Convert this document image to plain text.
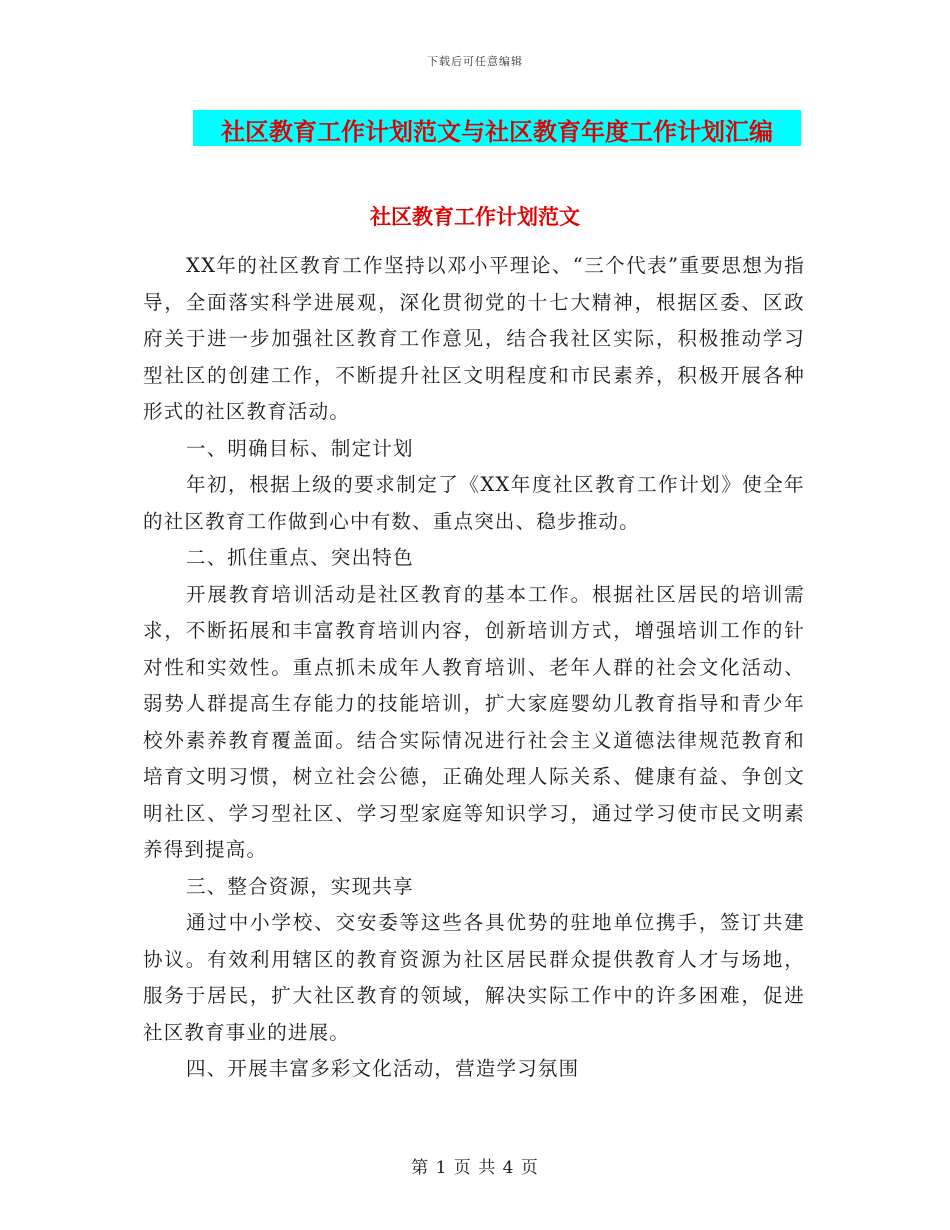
下载后可任意编辑
社区教育工作计划范文与社区教育年度工作计划汇编
社区教育工作计划范文

XX年的社区教育工作坚持以邓小平理论、“三个代表”重要思想为指导，全面落实科学进展观，深化贯彻党的十七大精神，根据区委、区政府关于进一步加强社区教育工作意见，结合我社区实际，积极推动学习型社区的创建工作，不断提升社区文明程度和市民素养，积极开展各种形式的社区教育活动。

一、明确目标、制定计划

年初，根据上级的要求制定了《XX年度社区教育工作计划》使全年的社区教育工作做到心中有数、重点突出、稳步推动。

二、抓住重点、突出特色

开展教育培训活动是社区教育的基本工作。根据社区居民的培训需求，不断拓展和丰富教育培训内容，创新培训方式，增强培训工作的针对性和实效性。重点抓未成年人教育培训、老年人群的社会文化活动、弱势人群提高生存能力的技能培训，扩大家庭婴幼儿教育指导和青少年校外素养教育覆盖面。结合实际情况进行社会主义道德法律规范教育和培育文明习惯，树立社会公德，正确处理人际关系、健康有益、争创文明社区、学习型社区、学习型家庭等知识学习，通过学习使市民文明素养得到提高。

三、整合资源，实现共享

通过中小学校、交安委等这些各具优势的驻地单位携手，签订共建协议。有效利用辖区的教育资源为社区居民群众提供教育人才与场地，服务于居民，扩大社区教育的领域，解决实际工作中的许多困难，促进社区教育事业的进展。

四、开展丰富多彩文化活动，营造学习氛围

第 1 页 共 4 页
